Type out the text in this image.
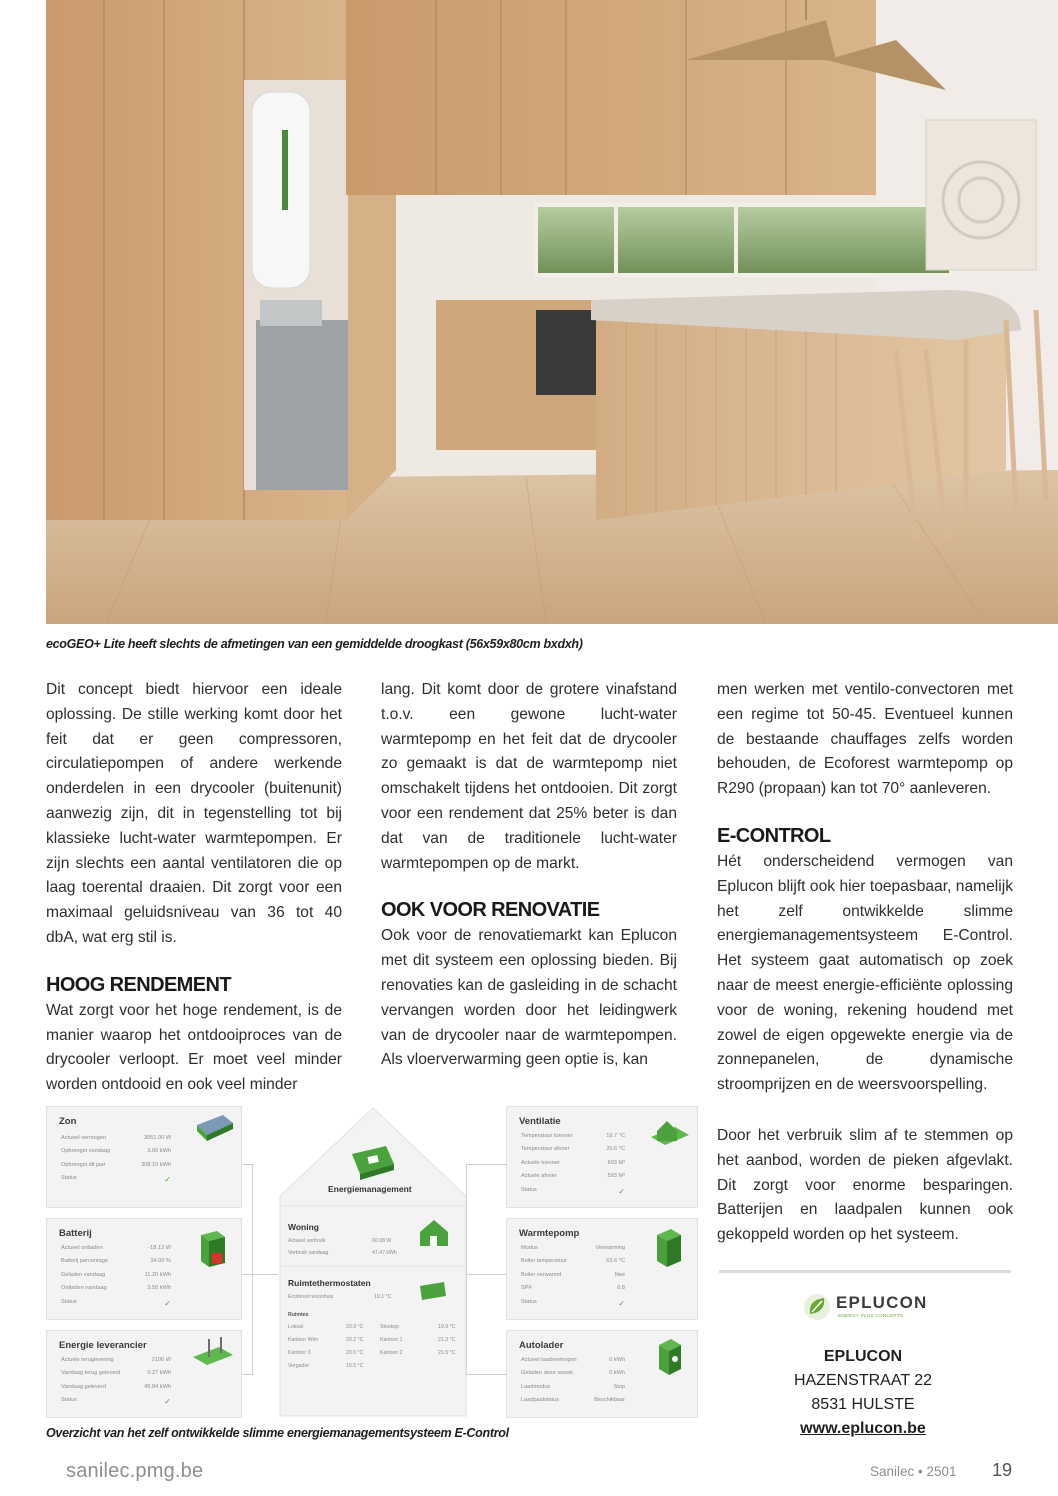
ecoGEO+ Lite heeft slechts de afmetingen van een gemiddelde droogkast (56x59x80cm bxdxh)

Dit concept biedt hiervoor een ideale oplossing. De stille werking komt door het feit dat er geen compressoren, circulatiepompen of andere werkende onderdelen in een drycooler (buitenunit) aanwezig zijn, dit in tegenstelling tot bij klassieke lucht-water warmtepompen. Er zijn slechts een aantal ventilatoren die op laag toerental draaien. Dit zorgt voor een maximaal geluidsniveau van 36 tot 40 dbA, wat erg stil is.

HOOG RENDEMENT

Wat zorgt voor het hoge rendement, is de manier waarop het ontdooiproces van de drycooler verloopt. Er moet veel minder worden ontdooid en ook veel minder

lang. Dit komt door de grotere vinafstand t.o.v. een gewone lucht-water warmtepomp en het feit dat de drycooler zo gemaakt is dat de warmtepomp niet omschakelt tijdens het ontdooien. Dit zorgt voor een rendement dat 25% beter is dan dat van de traditionele lucht-water warmtepompen op de markt.

OOK VOOR RENOVATIE

Ook voor de renovatiemarkt kan Eplucon met dit systeem een oplossing bieden. Bij renovaties kan de gasleiding in de schacht vervangen worden door het leidingwerk van de drycooler naar de warmtepompen. Als vloerverwarming geen optie is, kan

men werken met ventilo-convectoren met een regime tot 50-45. Eventueel kunnen de bestaande chauffages zelfs worden behouden, de Ecoforest warmtepomp op R290 (propaan) kan tot 70° aanleveren.

E-CONTROL

Hét onderscheidend vermogen van Eplucon blijft ook hier toepasbaar, namelijk het zelf ontwikkelde slimme energiemanagementsysteem E-Control. Het systeem gaat automatisch op zoek naar de meest energie-efficiënte oplossing voor de woning, rekening houdend met zowel de eigen opgewekte energie via de zonnepanelen, de dynamische stroomprijzen en de weersvoorspelling.

Door het verbruik slim af te stemmen op het aanbod, worden de pieken afgevlakt. Dit zorgt voor enorme besparingen. Batterijen en laadpalen kunnen ook gekoppeld worden op het systeem.

Energiemanagement
Woning
Actueel verbruik	60.08 W
Verbruik vandaag	47.47 kWh
Ruimtethermostaten
Ecoforest woonhuis	19.1 °C
Ruimtes
Loksal	20.9 °C	Stookop	19.9 °C
Kantoor Wim	20.2 °C	Kantoor 1	21.3 °C
Kantoor 3	20.0 °C	Kantoor 2	21.5 °C
Vergader	19.5 °C
Zon
Actueel vermogen	3051.00 W
Opbrengst vandaag	3.60 kWh
Opbrengst dit jaar	308.10 kWh
Status	✓
Batterij
Actueel ontladen	-18.13 W
Batterij percentage	34.00 %
Geladen vandaag	11.20 kWh
Ontladen vandaag	3.50 kWh
Status	✓
Energie leverancier
Actuele teruglevering	2106 W
Vandaag terug geleverd	0.27 kWh
Vandaag geleverd	45.84 kWh
Status	✓
Ventilatie
Temperatuur toevoer	19.7 °C
Temperatuur afvoer	20.6 °C
Actuele toevoer	603 M³
Actuele afvoer	593 M³
Status	✓
Warmtepomp
Modus	Verwarming
Boiler temperatuur	63.6 °C
Boiler verwarmd	Nee
SPF	6.8
Status	✓
Autolader
Actueel laadvermogen	0 kWh
Geladen deze sessie	0 kWh
Laadmodus	Stop
Laadpaalstatus	Beschikbaar
Overzicht van het zelf ontwikkelde slimme energiemanagementsysteem E-Control
EPLUCON
ENERGY PLUS CONCEPTS
EPLUCON
HAZENSTRAAT 22
8531 HULSTE
www.eplucon.be
sanilec.pmg.be	Sanilec • 2501 19
